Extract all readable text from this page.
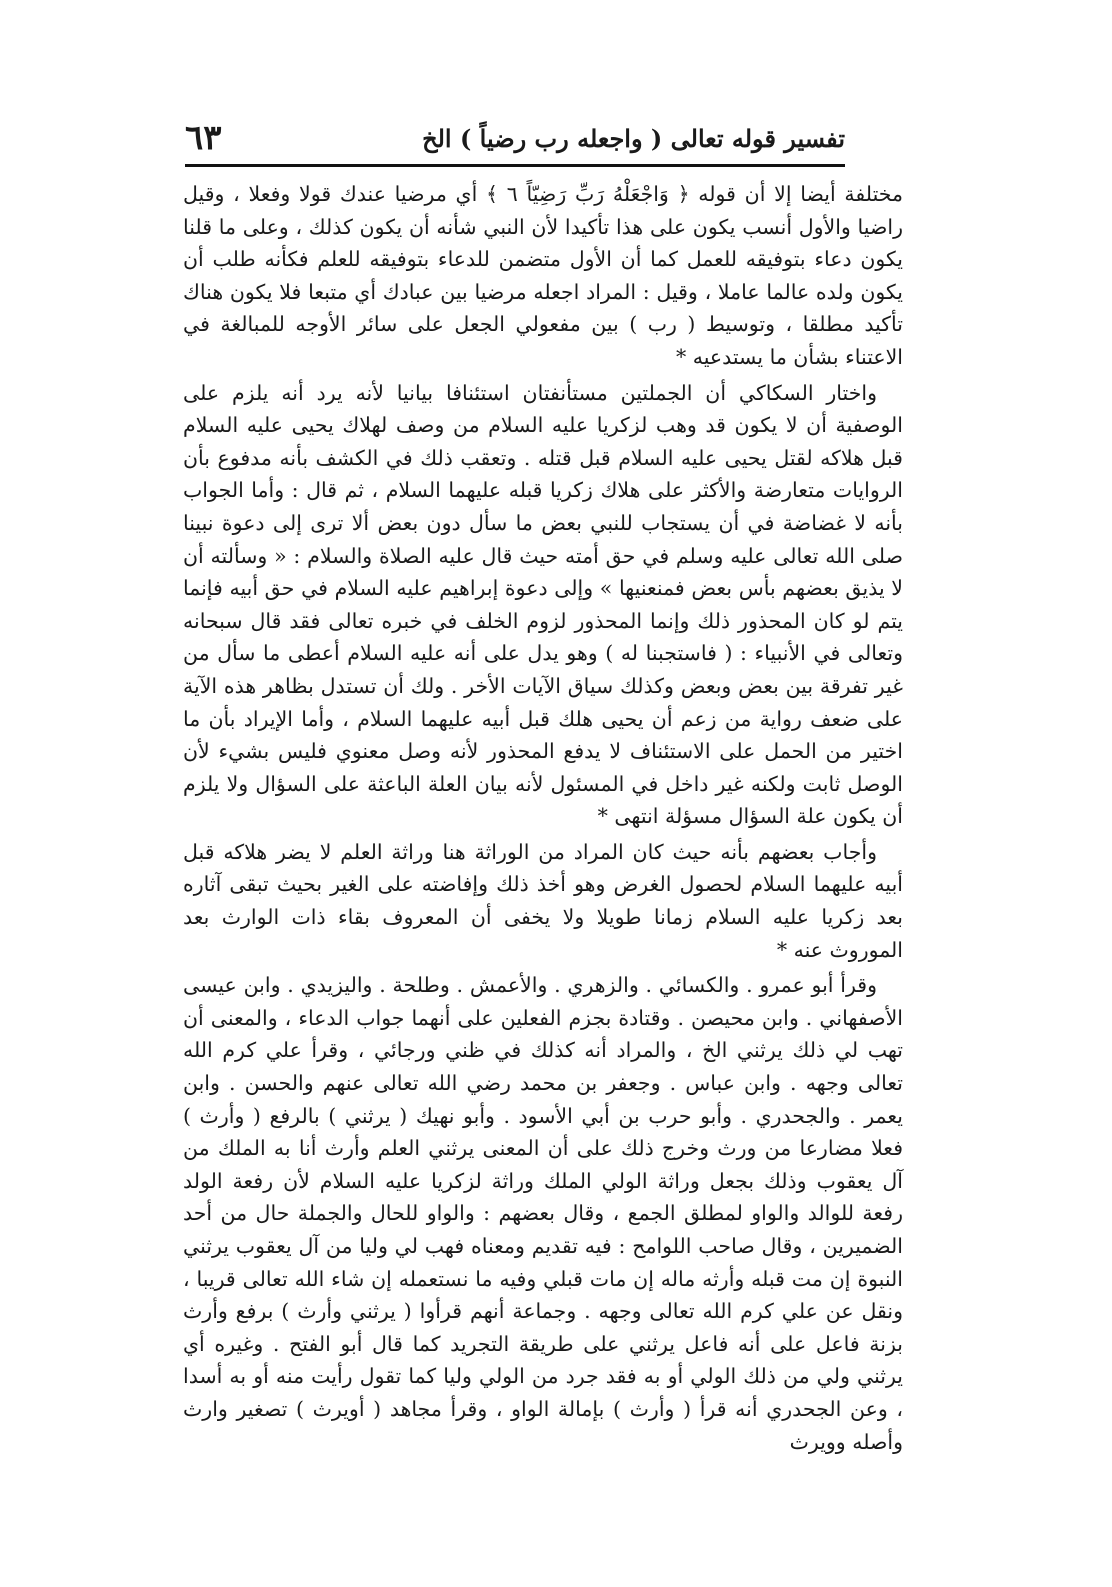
٦٣	تفسير قوله تعالى ( واجعله رب رضياً ) الخ

مختلفة أيضا إلا أن قوله ﴿ وَاجْعَلْهُ رَبِّ رَضِيّاً ٦ ﴾ أي مرضيا عندك قولا وفعلا ، وقيل راضيا والأول أنسب يكون على هذا تأكيدا لأن النبي شأنه أن يكون كذلك ، وعلى ما قلنا يكون دعاء بتوفيقه للعمل كما أن الأول متضمن للدعاء بتوفيقه للعلم فكأنه طلب أن يكون ولده عالما عاملا ، وقيل : المراد اجعله مرضيا بين عبادك أي متبعا فلا يكون هناك تأكيد مطلقا ، وتوسيط ( رب ) بين مفعولي الجعل على سائر الأوجه للمبالغة في الاعتناء بشأن ما يستدعيه *

واختار السكاكي أن الجملتين مستأنفتان استئنافا بيانيا لأنه يرد أنه يلزم على الوصفية أن لا يكون قد وهب لزكريا عليه السلام من وصف لهلاك يحيى عليه السلام قبل هلاكه لقتل يحيى عليه السلام قبل قتله . وتعقب ذلك في الكشف بأنه مدفوع بأن الروايات متعارضة والأكثر على هلاك زكريا قبله عليهما السلام ، ثم قال : وأما الجواب بأنه لا غضاضة في أن يستجاب للنبي بعض ما سأل دون بعض ألا ترى إلى دعوة نبينا صلى الله تعالى عليه وسلم في حق أمته حيث قال عليه الصلاة والسلام : « وسألته أن لا يذيق بعضهم بأس بعض فمنعنيها » وإلى دعوة إبراهيم عليه السلام في حق أبيه فإنما يتم لو كان المحذور ذلك وإنما المحذور لزوم الخلف في خبره تعالى فقد قال سبحانه وتعالى في الأنبياء : ( فاستجبنا له ) وهو يدل على أنه عليه السلام أعطى ما سأل من غير تفرقة بين بعض وبعض وكذلك سياق الآيات الأخر . ولك أن تستدل بظاهر هذه الآية على ضعف رواية من زعم أن يحيى هلك قبل أبيه عليهما السلام ، وأما الإيراد بأن ما اختير من الحمل على الاستئناف لا يدفع المحذور لأنه وصل معنوي فليس بشيء لأن الوصل ثابت ولكنه غير داخل في المسئول لأنه بيان العلة الباعثة على السؤال ولا يلزم أن يكون علة السؤال مسؤلة انتهى *

وأجاب بعضهم بأنه حيث كان المراد من الوراثة هنا وراثة العلم لا يضر هلاكه قبل أبيه عليهما السلام لحصول الغرض وهو أخذ ذلك وإفاضته على الغير بحيث تبقى آثاره بعد زكريا عليه السلام زمانا طويلا ولا يخفى أن المعروف بقاء ذات الوارث بعد الموروث عنه *

وقرأ أبو عمرو . والكسائي . والزهري . والأعمش . وطلحة . واليزيدي . وابن عيسى الأصفهاني . وابن محيصن . وقتادة بجزم الفعلين على أنهما جواب الدعاء ، والمعنى أن تهب لي ذلك يرثني الخ ، والمراد أنه كذلك في ظني ورجائي ، وقرأ علي كرم الله تعالى وجهه . وابن عباس . وجعفر بن محمد رضي الله تعالى عنهم والحسن . وابن يعمر . والجحدري . وأبو حرب بن أبي الأسود . وأبو نهيك ( يرثني ) بالرفع ( وأرث ) فعلا مضارعا من ورث وخرج ذلك على أن المعنى يرثني العلم وأرث أنا به الملك من آل يعقوب وذلك بجعل وراثة الولي الملك وراثة لزكريا عليه السلام لأن رفعة الولد رفعة للوالد والواو لمطلق الجمع ، وقال بعضهم : والواو للحال والجملة حال من أحد الضميرين ، وقال صاحب اللوامح : فيه تقديم ومعناه فهب لي وليا من آل يعقوب يرثني النبوة إن مت قبله وأرثه ماله إن مات قبلي وفيه ما نستعمله إن شاء الله تعالى قريبا ، ونقل عن علي كرم الله تعالى وجهه . وجماعة أنهم قرأوا ( يرثني وأرث ) برفع وأرث بزنة فاعل على أنه فاعل يرثني على طريقة التجريد كما قال أبو الفتح . وغيره أي يرثني ولي من ذلك الولي أو به فقد جرد من الولي وليا كما تقول رأيت منه أو به أسدا ، وعن الجحدري أنه قرأ ( وأرث ) بإمالة الواو ، وقرأ مجاهد ( أويرث ) تصغير وارث وأصله وويرث
